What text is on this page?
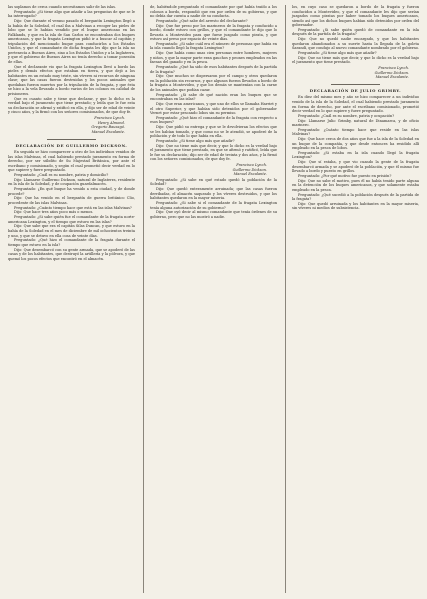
las soplamos de cerca cuando necesitamos salir de las islas.

Preguntado: ¿Si tiene algo que añadir a las preguntas de que se le ha interrogado?

Dijo: Que durante el verano pasado el bergantín Lexington llegó a la bahía de la Soledad, el cual iba a Malvinas a recoger las pieles de lobo que se le habían vendido por el buque americano en las Falklands, y que en la isla de San Carlos se encontraban dos buques americanos, y que la fragata Lexington pidió ir a buscar al capitán y tripulación del mencionado buque para conducirlos a los Estados Unidos, y que el comandante de dicha fragata les dijo que la isla no pertenecía a Buenos Aires, sino a los Estados Unidos y a la Inglaterra, y que el gobierno de Buenos Aires no tenía derecho a tomar posesión de ellas.

Que el declarante vio que la fragata Lexington llevó a bordo las pieles y demás efectos que estaban en tierra, y que dejó a los habitantes en un estado muy triste, sin víveres ni recursos de ninguna clase; que las casas fueron destruidas y los pocos animales que quedaban fueron muertos por la tripulación de la fragata, y que ésta se hizo a la vela llevando a bordo varios de los colonos en calidad de prisioneros.

Que es cuanto sabe y tiene que declarar, y que lo dicho es la verdad bajo el juramento que tiene prestado; y leída que le fue esta su declaración se afirmó y ratificó en ella, y dijo ser de edad de veinte y cinco años, y la firmó con los señores comisionados, de que doy fe.

Francisco Lynch.

Henry Almond.

Gregorio Bauzagó.

Manuel Escalante.

DECLARACIÓN DE GUILLERMO DICKSON.

En seguida se hizo comparecer a otro de los individuos venidos de las islas Malvinas, el cual habiendo prestado juramento en forma de derecho, por ser súbdito de Su Majestad Británica, por ante el escribano y comisionado, y según el cual prometió decir verdad en lo que supiere y fuere preguntado.

Preguntado: ¿Cuál es su nombre, patria y domicilio?

Dijo: Llamarse Guillermo Dickson, natural de Inglaterra, residente en la isla de la Soledad, y de ocupación guardalmacén.

Preguntado: ¿En qué buque ha venido a esta ciudad, y de donde procede?

Dijo: Que ha venido en el bergantín de guerra británico Clio, procedente de las islas Malvinas.

Preguntado: ¿Cuánto tiempo hace que está en las islas Malvinas?

Dijo: Que hace tres años poco más o menos.

Preguntado: ¿Si sabe quién fue el comandante de la fragata norte-americana Lexington, y el tiempo que estuvo en las islas?

Dijo: Que sabe que era el capitán Silas Duncan, y que estuvo en la bahía de la Soledad en el mes de diciembre de mil ochocientos treinta y uno, y que se detuvo en ella cosa de veinte días.

Preguntado: ¿Qué hizo el comandante de la fragata durante el tiempo que estuvo en la isla?

Dijo: Que desembarcó con su gente armada, que se apoderó de las casas y de los habitantes, que destruyó la artillería y la pólvora, y que quemó los pocos efectos que encontró en el almacén.

de, habiéndole preguntado el comandante por qué había traído a los colonos a bordo, respondió que era por orden de su gobierno, y que no debía dar cuenta a nadie de su conducta.

Preguntado: ¿Qué sabe del arresto del declarante?

Dijo: Que fue preso por los marineros de la fragata y conducido a bordo, donde estuvo con grillos, y que el comandante le dijo que lo llevaría a Montevideo para que fuese juzgado como pirata, y que estuvo así preso por espacio de veinte días.

Preguntado: ¿Si sabe cuál era el número de personas que había en la isla cuando llegó la fragata Lexington?

Dijo: Que había como unas cien personas entre hombres, mujeres y niños, y que la mayor parte eran gauchos y peones empleados en las faenas del ganado y en la pesca.

Preguntado: ¿Qué ha sido de esos habitantes después de la partida de la fragata?

Dijo: Que muchos se dispersaron por el campo y otros quedaron en la población sin recursos, y que algunos fueron llevados a bordo de la fragata a Montevideo, y que los demás se mantenían con la carne de los animales que podían cazar.

Preguntado: ¿Si sabe de qué nación eran los buques que se encontraban en las islas?

Dijo: Que eran americanos, y que uno de ellos se llamaba Harriet y el otro Superior, y que habían sido detenidos por el gobernador Vernet por estar pescando lobos sin su permiso.

Preguntado: ¿Qué hizo el comandante de la fragata con respecto a esos buques?

Dijo: Que pidió su entrega y que se le devolvieran los efectos que se les habían tomado, y que como no se le atendió, se apoderó de la población y de todo lo que había en ella.

Preguntado: ¿Si tiene algo más que añadir?

Dijo: Que no tiene más que decir, y que lo dicho es la verdad bajo el juramento que tiene prestado, en que se afirmó y ratificó, leída que le fue su declaración; dijo ser de edad de treinta y dos años, y la firmó con los señores comisionados, de que doy fe.

Francisco Lynch.

Guillermo Dickson.

Manuel Escalante.

Preguntado: ¿Si sabe en qué estado quedó la población de la Soledad?

Dijo: Que quedó enteramente arruinada; que las casas fueron derribadas, el almacén saqueado y los víveres destruidos, y que los habitantes quedaron en la mayor miseria.

Preguntado: ¿Si sabe si el comandante de la fragata Lexington tenía alguna autorización de su gobierno?

Dijo: Que oyó decir al mismo comandante que tenía órdenes de su gobierno, pero que no las mostró a nadie.

los, en cuyo caso se quedaron a bordo de la fragata y fueron conducidos a Montevideo, y que el comandante les dijo que serían juzgados como piratas por haber tomado los buques americanos, siendo así que los dichos buques habían sido detenidos por orden del gobernador.

Preguntado: ¿Si sabe quién quedó de comandante en la isla después de la partida de la fragata?

Dijo: Que no quedó nadie encargado, y que los habitantes quedaron abandonados a su suerte hasta la llegada de la goleta Sarandí, que condujo al nuevo comandante nombrado por el gobierno.

Preguntado: ¿Si tiene algo más que añadir?

Dijo: Que no tiene más que decir, y que lo dicho es la verdad bajo el juramento que tiene prestado.

Francisco Lynch.

Guillermo Dickson.

Manuel Escalante.

DECLARACIÓN DE JULIO GRIMBY.

En diez del mismo mes y año se hizo comparecer a un individuo venido de la isla de la Soledad, el cual habiendo prestado juramento en forma de derecho, por ante el escribano comisionado, prometió decir verdad en lo que supiere y fuere preguntado.

Preguntado: ¿Cuál es su nombre, patria y ocupación?

Dijo: Llamarse Julio Grimby, natural de Dinamarca, y de oficio marinero.

Preguntado: ¿Cuánto tiempo hace que reside en las islas Malvinas?

Dijo: Que hace cerca de dos años que fue a la isla de la Soledad en un buque de la compañía, y que desde entonces ha residido allí empleado en la pesca de lobos.

Preguntado: ¿Si estaba en la isla cuando llegó la fragata Lexington?

Dijo: Que sí estaba, y que vio cuando la gente de la fragata desembarcó armada y se apoderó de la población, y que él mismo fue llevado a bordo y puesto en grillos.

Preguntado: ¿Por qué motivo fue puesto en prisión?

Dijo: Que no sabe el motivo, pues él no había tenido parte alguna en la detención de los buques americanos, y que solamente estaba empleado en la pesca.

Preguntado: ¿Qué sucedió a la población después de la partida de la fragata?

Dijo: Que quedó arruinada y los habitantes en la mayor miseria, sin víveres ni medios de subsistencia.
